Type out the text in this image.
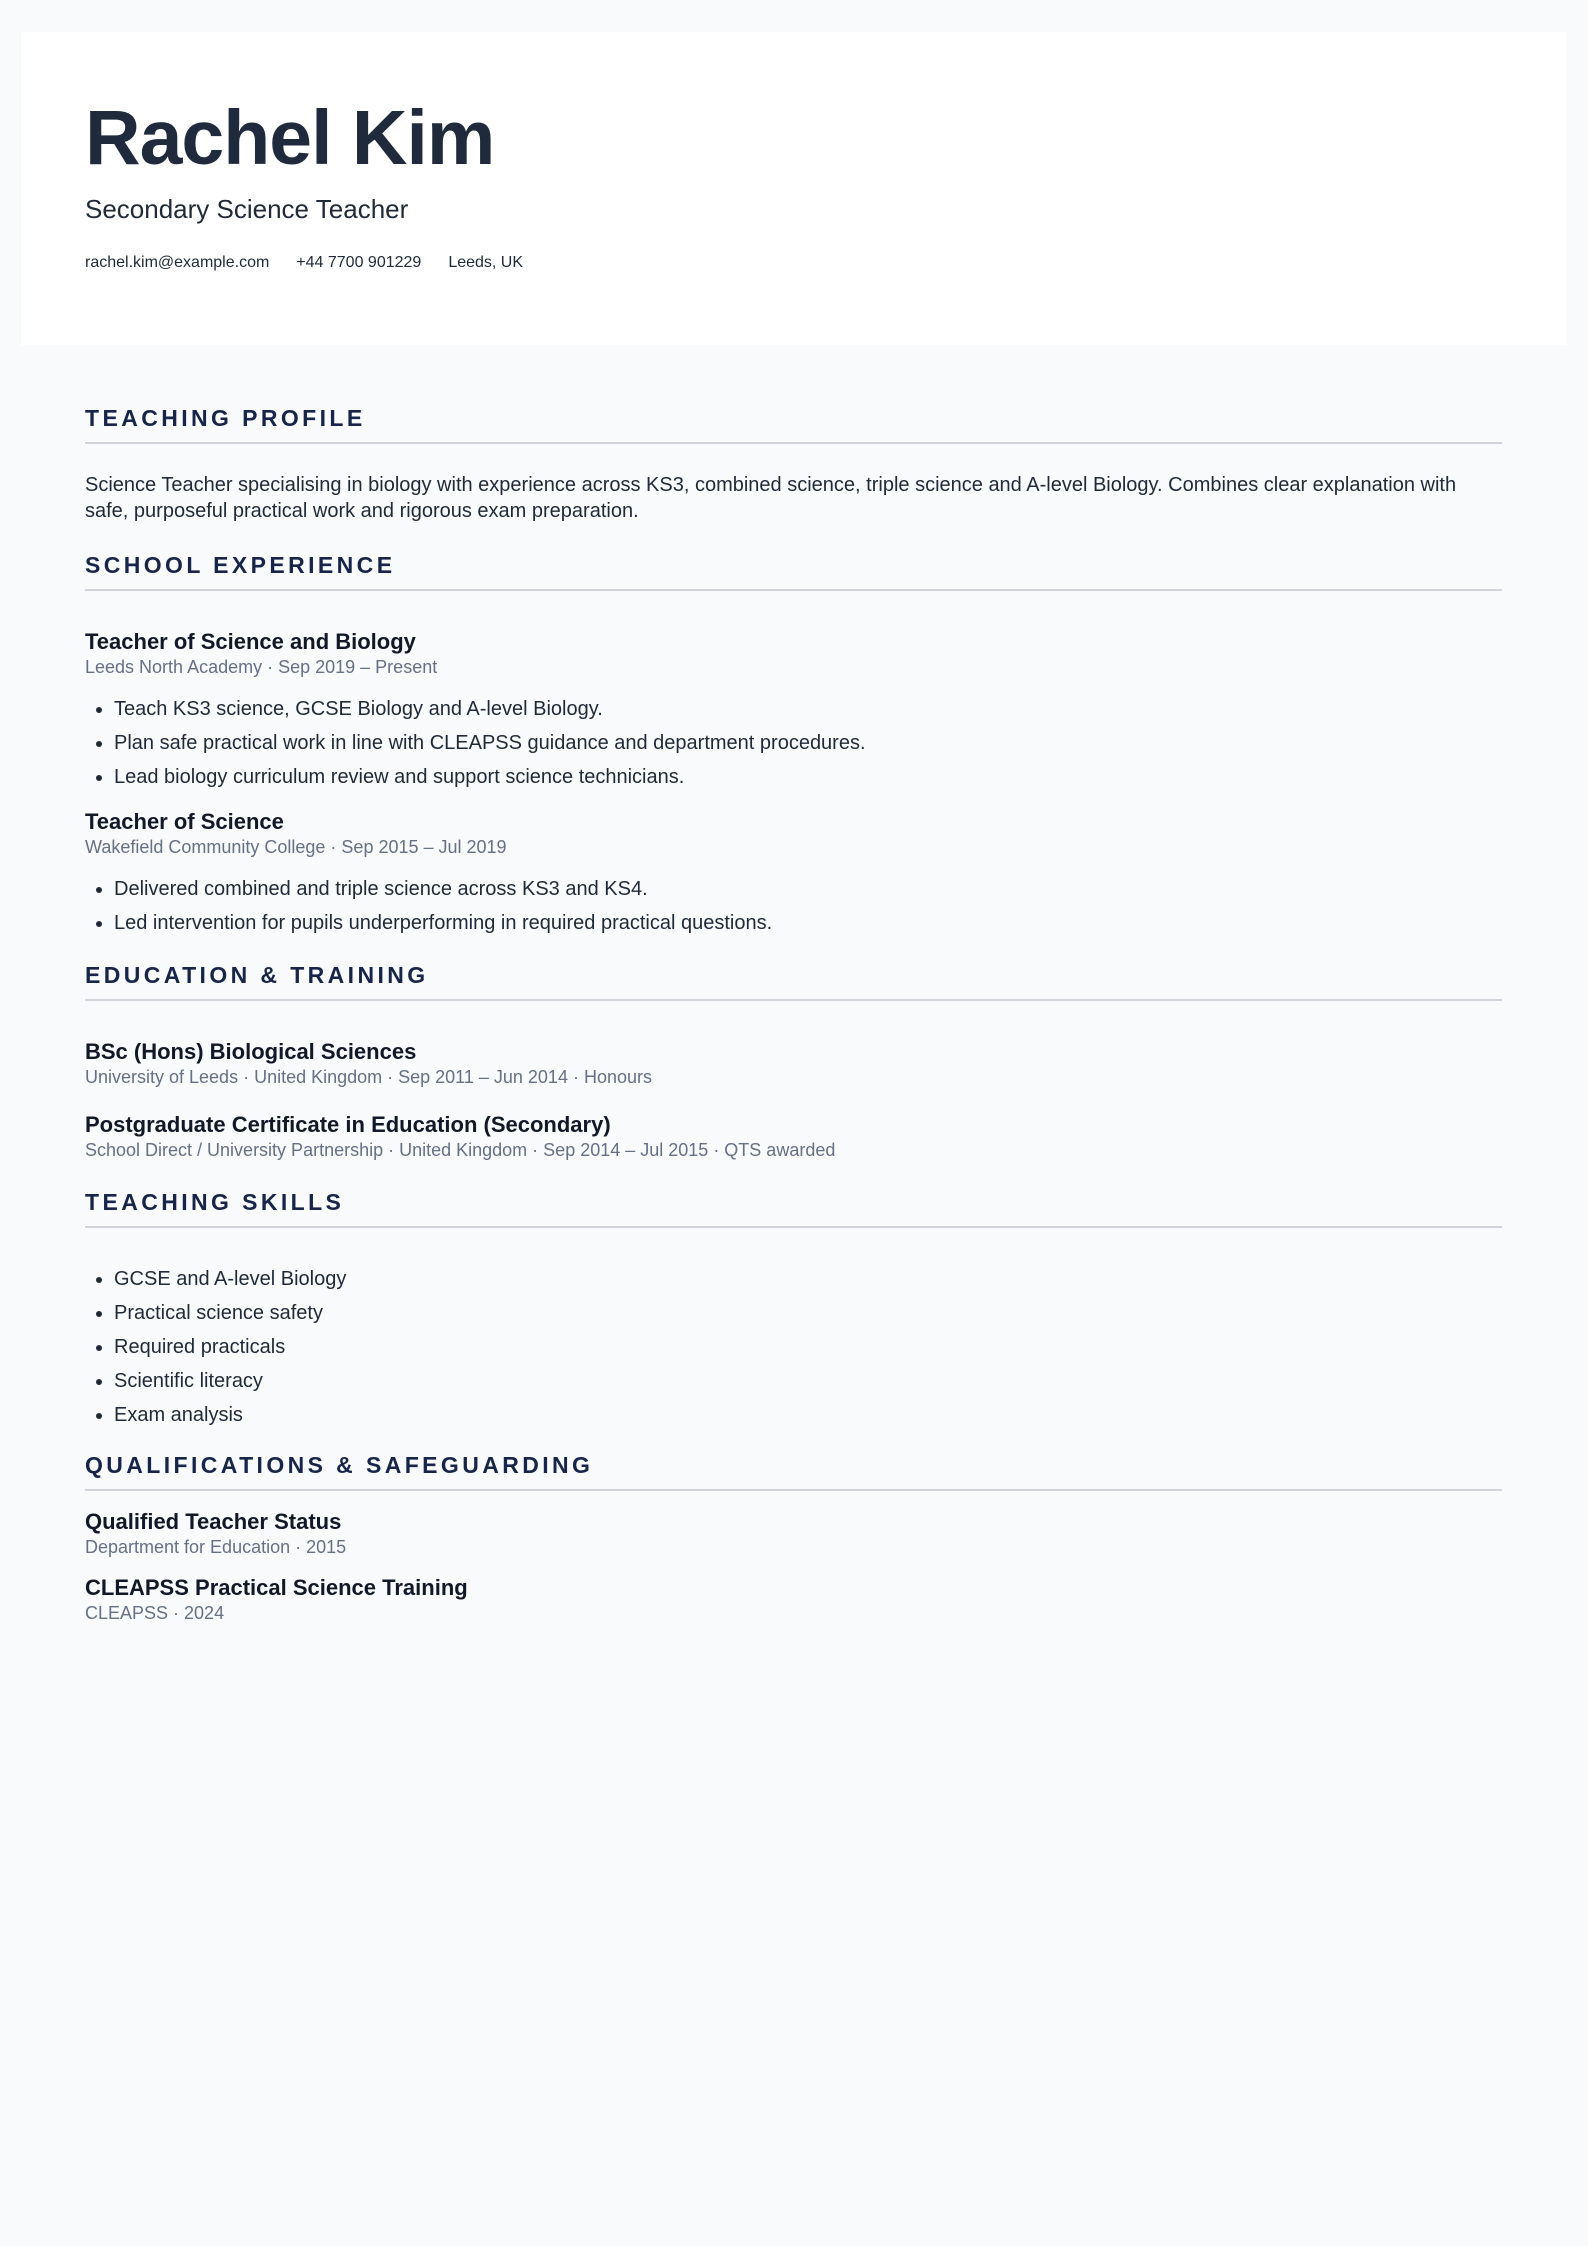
Rachel Kim
Secondary Science Teacher
rachel.kim@example.com +44 7700 901229 Leeds, UK
TEACHING PROFILE

Science Teacher specialising in biology with experience across KS3, combined science, triple science and A-level Biology. Combines clear explanation with safe, purposeful practical work and rigorous exam preparation.

SCHOOL EXPERIENCE
Teacher of Science and Biology
Leeds North Academy · Sep 2019 – Present
• Teach KS3 science, GCSE Biology and A-level Biology.
• Plan safe practical work in line with CLEAPSS guidance and department procedures.
• Lead biology curriculum review and support science technicians.
Teacher of Science
Wakefield Community College · Sep 2015 – Jul 2019
• Delivered combined and triple science across KS3 and KS4.
• Led intervention for pupils underperforming in required practical questions.
EDUCATION & TRAINING
BSc (Hons) Biological Sciences
University of Leeds · United Kingdom · Sep 2011 – Jun 2014 · Honours
Postgraduate Certificate in Education (Secondary)
School Direct / University Partnership · United Kingdom · Sep 2014 – Jul 2015 · QTS awarded
TEACHING SKILLS
• GCSE and A-level Biology
• Practical science safety
• Required practicals
• Scientific literacy
• Exam analysis
QUALIFICATIONS & SAFEGUARDING
Qualified Teacher Status
Department for Education · 2015
CLEAPSS Practical Science Training
CLEAPSS · 2024
